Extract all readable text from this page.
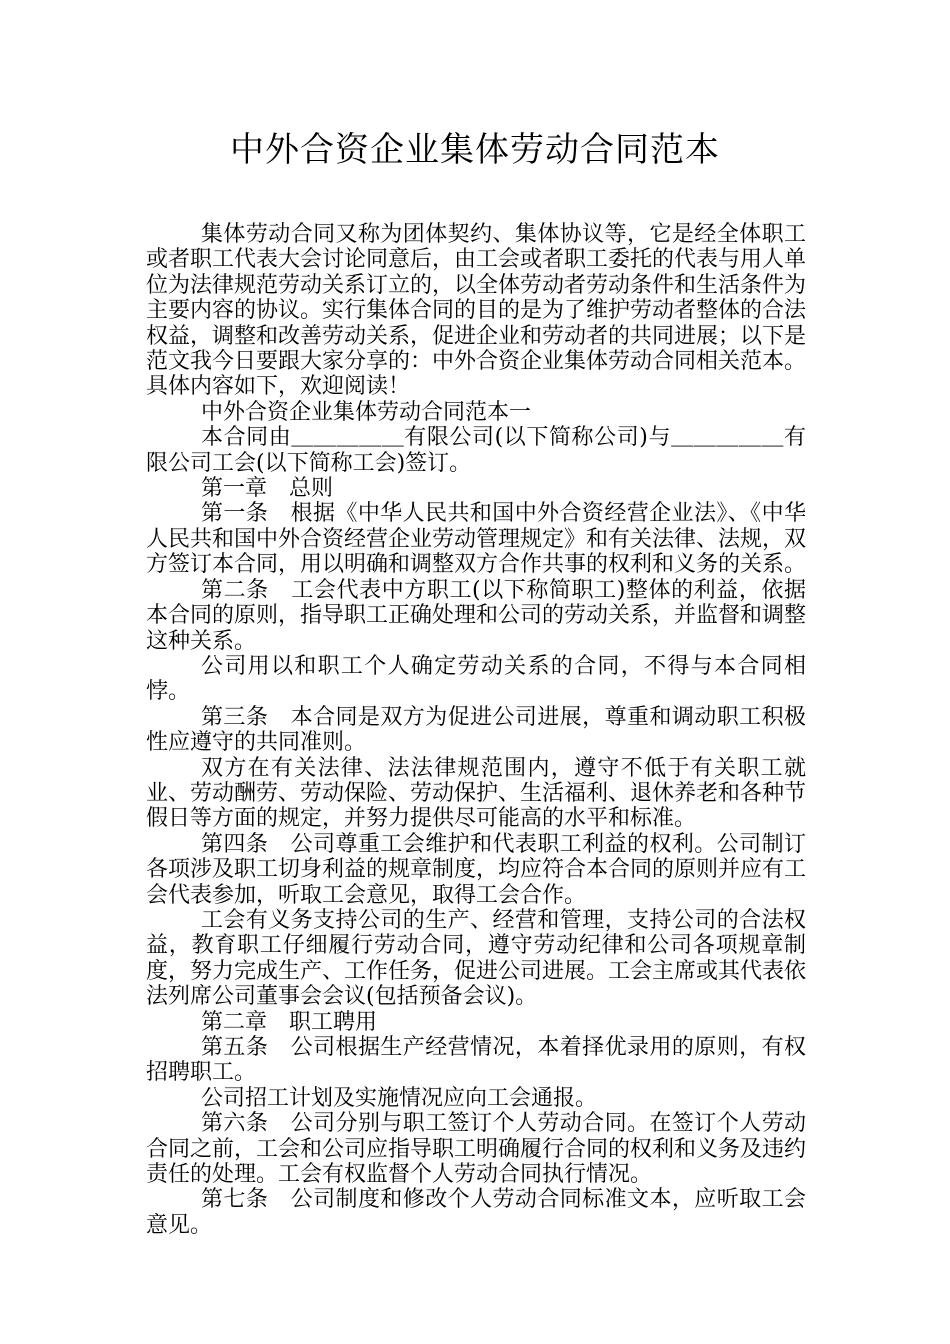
中外合资企业集体劳动合同范本

集体劳动合同又称为团体契约、集体协议等，它是经全体职工或者职工代表大会讨论同意后，由工会或者职工委托的代表与用人单位为法律规范劳动关系订立的，以全体劳动者劳动条件和生活条件为主要内容的协议。实行集体合同的目的是为了维护劳动者整体的合法权益，调整和改善劳动关系，促进企业和劳动者的共同进展；以下是范文我今日要跟大家分享的：中外合资企业集体劳动合同相关范本。具体内容如下，欢迎阅读！

中外合资企业集体劳动合同范本一

本合同由＿＿＿＿＿有限公司(以下简称公司)与＿＿＿＿＿有限公司工会(以下简称工会)签订。

第一章　总则

第一条　根据《中华人民共和国中外合资经营企业法》、《中华人民共和国中外合资经营企业劳动管理规定》和有关法律、法规，双方签订本合同，用以明确和调整双方合作共事的权利和义务的关系。

第二条　工会代表中方职工(以下称简职工)整体的利益，依据本合同的原则，指导职工正确处理和公司的劳动关系，并监督和调整这种关系。

公司用以和职工个人确定劳动关系的合同，不得与本合同相悖。

第三条　本合同是双方为促进公司进展，尊重和调动职工积极性应遵守的共同准则。

双方在有关法律、法法律规范围内，遵守不低于有关职工就业、劳动酬劳、劳动保险、劳动保护、生活福利、退休养老和各种节假日等方面的规定，并努力提供尽可能高的水平和标准。

第四条　公司尊重工会维护和代表职工利益的权利。公司制订各项涉及职工切身利益的规章制度，均应符合本合同的原则并应有工会代表参加，听取工会意见，取得工会合作。

工会有义务支持公司的生产、经营和管理，支持公司的合法权益，教育职工仔细履行劳动合同，遵守劳动纪律和公司各项规章制度，努力完成生产、工作任务，促进公司进展。工会主席或其代表依法列席公司董事会会议(包括预备会议)。

第二章　职工聘用

第五条　公司根据生产经营情况，本着择优录用的原则，有权招聘职工。

公司招工计划及实施情况应向工会通报。

第六条　公司分别与职工签订个人劳动合同。在签订个人劳动合同之前，工会和公司应指导职工明确履行合同的权利和义务及违约责任的处理。工会有权监督个人劳动合同执行情况。

第七条　公司制度和修改个人劳动合同标准文本，应听取工会意见。
